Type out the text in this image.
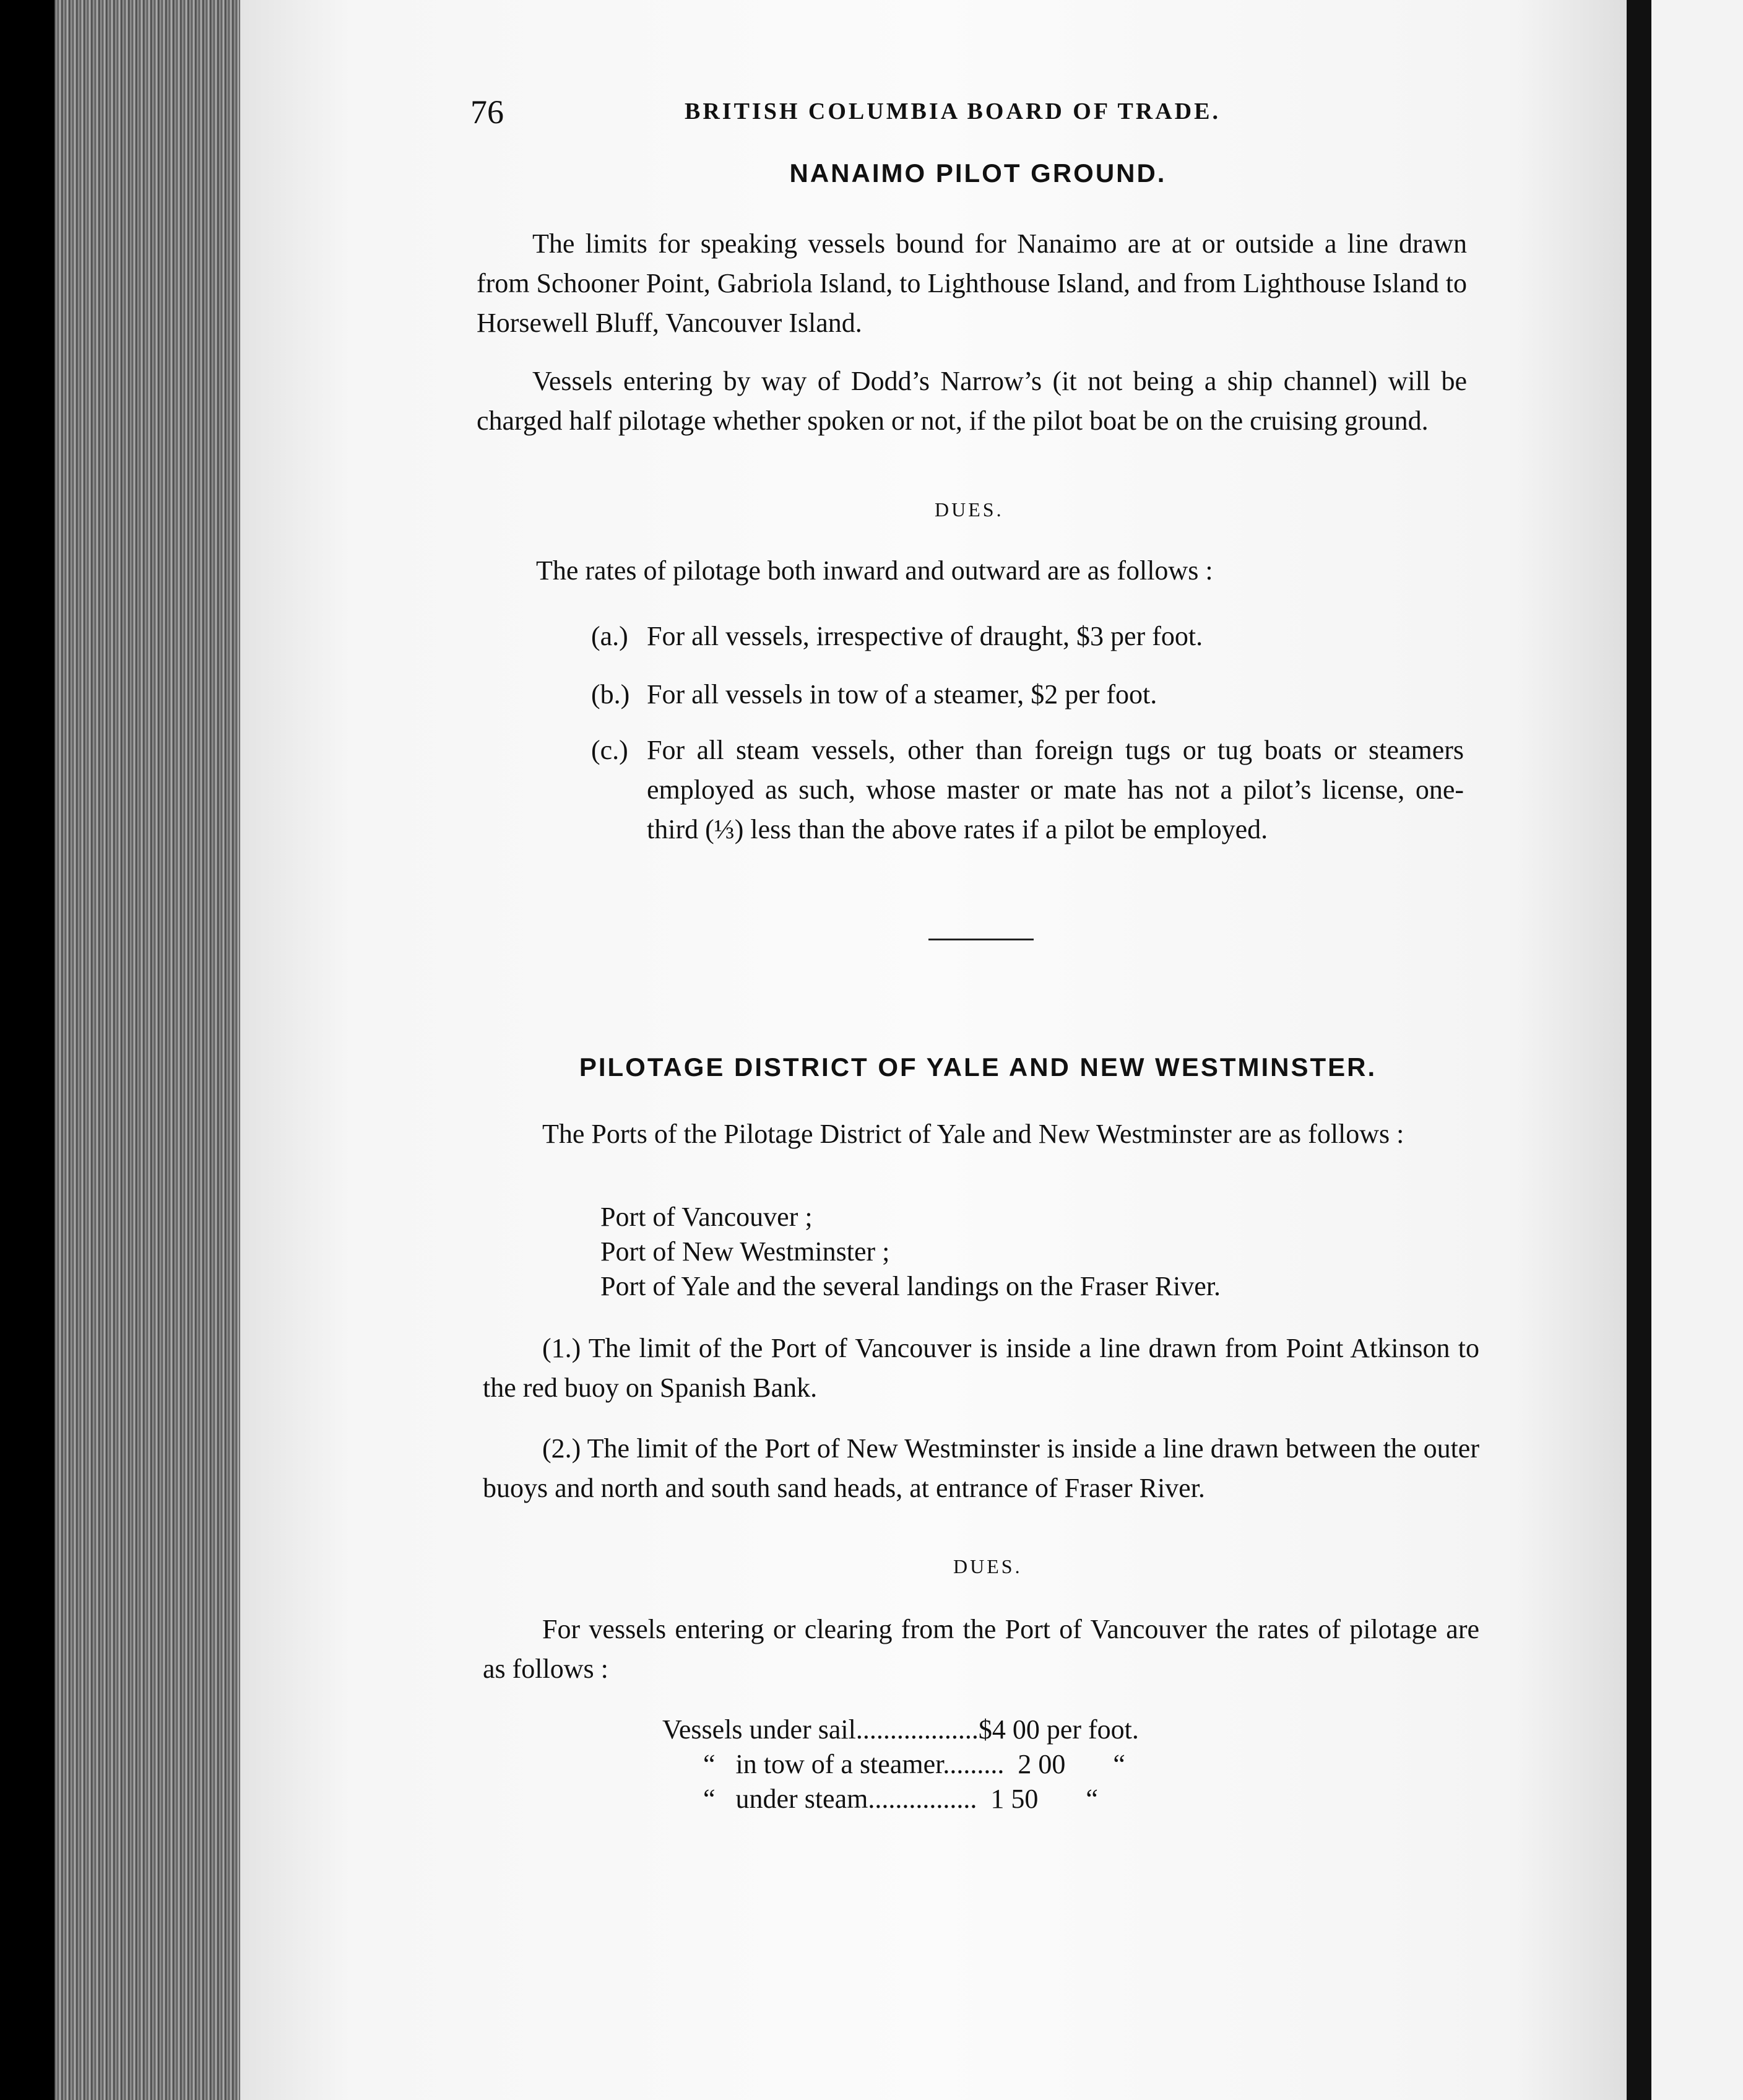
76	BRITISH COLUMBIA BOARD OF TRADE.
NANAIMO PILOT GROUND.

The limits for speaking vessels bound for Nanaimo are at or outside a line drawn from Schooner Point, Gabriola Island, to Lighthouse Island, and from Lighthouse Island to Horsewell Bluff, Vancouver Island.

Vessels entering by way of Dodd’s Narrow’s (it not being a ship channel) will be charged half pilotage whether spoken or not, if the pilot boat be on the cruising ground.

DUES.

The rates of pilotage both inward and outward are as follows :

(a.) For all vessels, irrespective of draught, $3 per foot.
(b.) For all vessels in tow of a steamer, $2 per foot.
(c.) For all steam vessels, other than foreign tugs or tug boats or steamers employed as such, whose master or mate has not a pilot’s license, one-third (⅓) less than the above rates if a pilot be employed.
PILOTAGE DISTRICT OF YALE AND NEW WESTMINSTER.

The Ports of the Pilotage District of Yale and New Westminster are as follows :

Port of Vancouver ;
Port of New Westminster ;
Port of Yale and the several landings on the Fraser River.

(1.) The limit of the Port of Vancouver is inside a line drawn from Point Atkinson to the red buoy on Spanish Bank.

(2.) The limit of the Port of New Westminster is inside a line drawn between the outer buoys and north and south sand heads, at entrance of Fraser River.

DUES.

For vessels entering or clearing from the Port of Vancouver the rates of pilotage are as follows :

Vessels under sail..................$4 00 per foot.
“ in tow of a steamer......... 2 00 “
“ under steam................ 1 50 “
